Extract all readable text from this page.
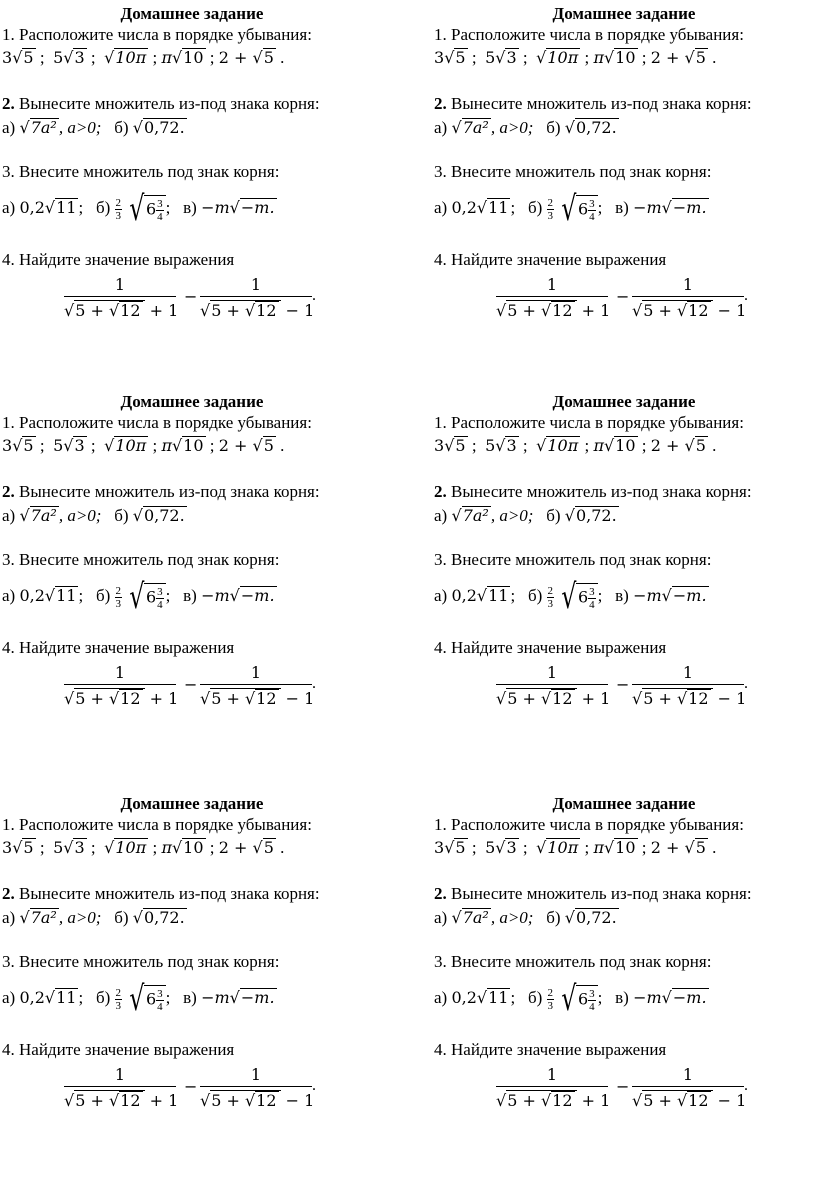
Домашнее задание
1. Расположите числа в порядке убывания:
3√5 ;  5√3 ;  √10π ; π√10 ; 2 + √5 .
2. Вынесите множитель из-под знака корня:
а) √7a² , a>0; б) √0,72.
3. Внесите множитель под знак корня:
а) 0,2√11 ;   $б) \frac{2}{3} √6 \frac{3}{4}$ ;   в) −m√−m.
4. Найдите значение выражения
1
√5 + √12 + 1
−
1
√5 + √12 − 1
.
Домашнее задание
1. Расположите числа в порядке убывания:
3√5 ;  5√3 ;  √10π ; π√10 ; 2 + √5 .
2. Вынесите множитель из-под знака корня:
а) √7a² , a>0; б) √0,72.
3. Внесите множитель под знак корня:
а) 0,2√11 ;   $б) \frac{2}{3} √6 \frac{3}{4}$ ;   в) −m√−m.
4. Найдите значение выражения
1
√5 + √12 + 1
−
1
√5 + √12 − 1
.
Домашнее задание
1. Расположите числа в порядке убывания:
3√5 ;  5√3 ;  √10π ; π√10 ; 2 + √5 .
2. Вынесите множитель из-под знака корня:
а) √7a² , a>0; б) √0,72.
3. Внесите множитель под знак корня:
а) 0,2√11 ;   $б) \frac{2}{3} √6 \frac{3}{4}$ ;   в) −m√−m.
4. Найдите значение выражения
1
√5 + √12 + 1
−
1
√5 + √12 − 1
.
Домашнее задание
1. Расположите числа в порядке убывания:
3√5 ;  5√3 ;  √10π ; π√10 ; 2 + √5 .
2. Вынесите множитель из-под знака корня:
а) √7a² , a>0; б) √0,72.
3. Внесите множитель под знак корня:
а) 0,2√11 ;   $б) \frac{2}{3} √6 \frac{3}{4}$ ;   в) −m√−m.
4. Найдите значение выражения
1
√5 + √12 + 1
−
1
√5 + √12 − 1
.
Домашнее задание
1. Расположите числа в порядке убывания:
3√5 ;  5√3 ;  √10π ; π√10 ; 2 + √5 .
2. Вынесите множитель из-под знака корня:
а) √7a² , a>0; б) √0,72.
3. Внесите множитель под знак корня:
а) 0,2√11 ;   $б) \frac{2}{3} √6 \frac{3}{4}$ ;   в) −m√−m.
4. Найдите значение выражения
1
√5 + √12 + 1
−
1
√5 + √12 − 1
.
Домашнее задание
1. Расположите числа в порядке убывания:
3√5 ;  5√3 ;  √10π ; π√10 ; 2 + √5 .
2. Вынесите множитель из-под знака корня:
а) √7a² , a>0; б) √0,72.
3. Внесите множитель под знак корня:
а) 0,2√11 ;   $б) \frac{2}{3} √6 \frac{3}{4}$ ;   в) −m√−m.
4. Найдите значение выражения
1
√5 + √12 + 1
−
1
√5 + √12 − 1
.
